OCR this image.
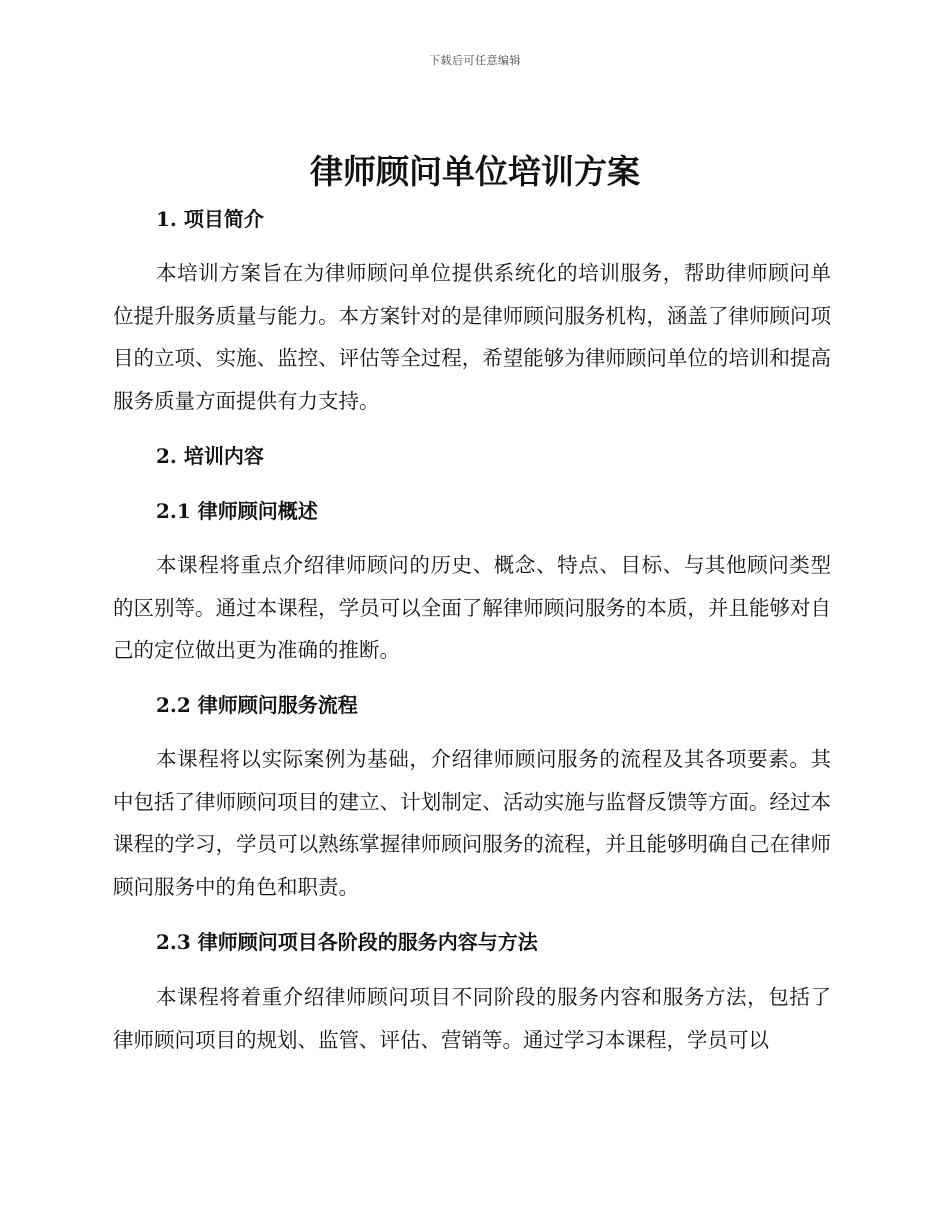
下载后可任意编辑
律师顾问单位培训方案
1. 项目简介

本培训方案旨在为律师顾问单位提供系统化的培训服务，帮助律师顾问单位提升服务质量与能力。本方案针对的是律师顾问服务机构，涵盖了律师顾问项目的立项、实施、监控、评估等全过程，希望能够为律师顾问单位的培训和提高服务质量方面提供有力支持。

2. 培训内容
2.1 律师顾问概述

本课程将重点介绍律师顾问的历史、概念、特点、目标、与其他顾问类型的区别等。通过本课程，学员可以全面了解律师顾问服务的本质，并且能够对自己的定位做出更为准确的推断。

2.2 律师顾问服务流程

本课程将以实际案例为基础，介绍律师顾问服务的流程及其各项要素。其中包括了律师顾问项目的建立、计划制定、活动实施与监督反馈等方面。经过本课程的学习，学员可以熟练掌握律师顾问服务的流程，并且能够明确自己在律师顾问服务中的角色和职责。

2.3 律师顾问项目各阶段的服务内容与方法

本课程将着重介绍律师顾问项目不同阶段的服务内容和服务方法，包括了律师顾问项目的规划、监管、评估、营销等。通过学习本课程，学员可以
